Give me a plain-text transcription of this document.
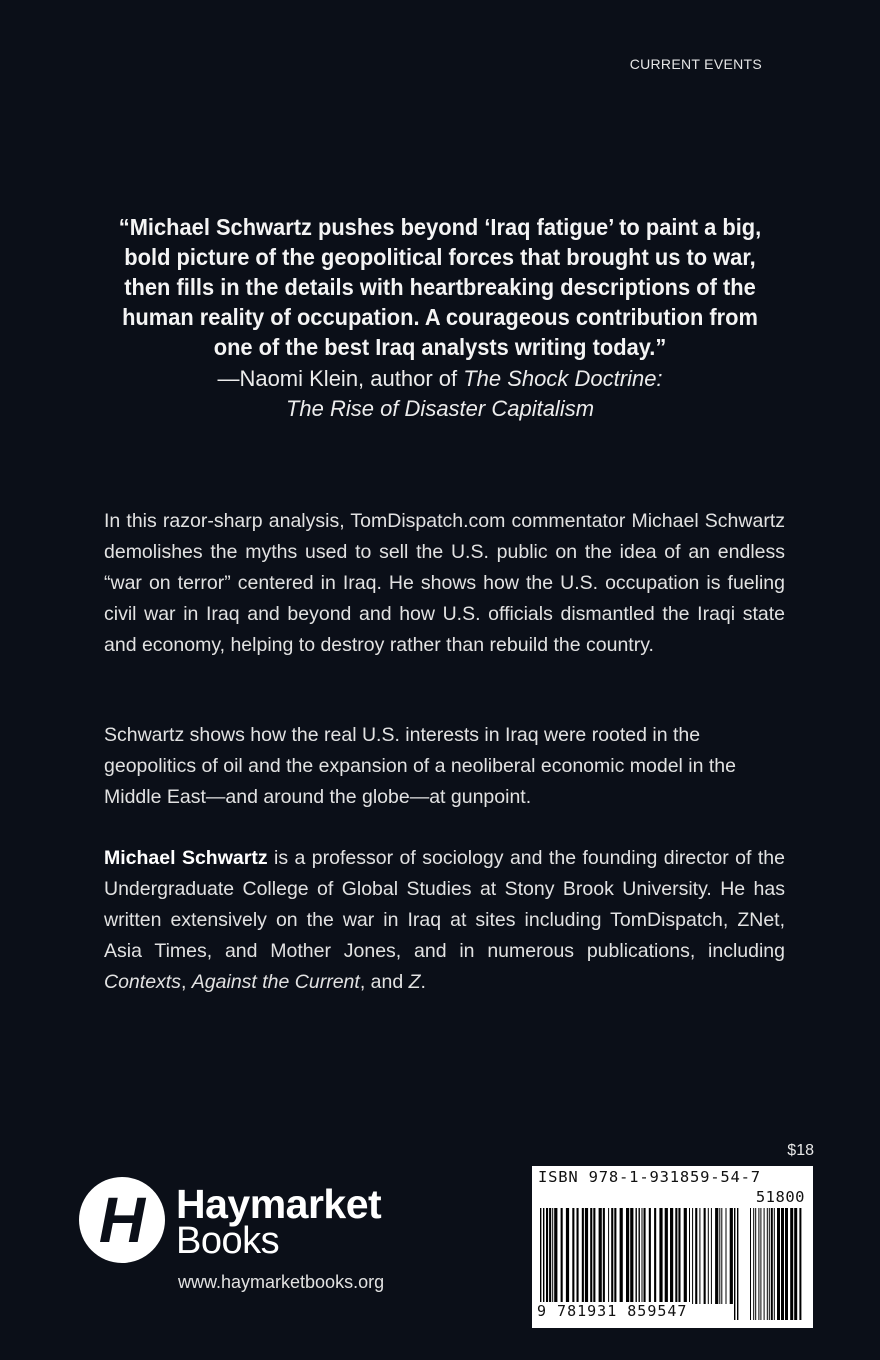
CURRENT EVENTS
“Michael Schwartz pushes beyond ‘Iraq fatigue’ to paint a big, bold picture of the geopolitical forces that brought us to war, then fills in the details with heartbreaking descriptions of the human reality of occupation. A courageous contribution from one of the best Iraq analysts writing today.”
—Naomi Klein, author of The Shock Doctrine:
The Rise of Disaster Capitalism
In this razor-sharp analysis, TomDispatch.com commentator Michael Schwartz demolishes the myths used to sell the U.S. public on the idea of an endless “war on terror” centered in Iraq. He shows how the U.S. occupation is fueling civil war in Iraq and beyond and how U.S. officials dismantled the Iraqi state and economy, helping to destroy rather than rebuild the country.
Schwartz shows how the real U.S. interests in Iraq were rooted in the geopolitics of oil and the expansion of a neoliberal economic model in the Middle East—and around the globe—at gunpoint.
Michael Schwartz is a professor of sociology and the founding director of the Undergraduate College of Global Studies at Stony Brook University. He has written extensively on the war in Iraq at sites including TomDispatch, ZNet, Asia Times, and Mother Jones, and in numerous publications, including Contexts, Against the Current, and Z.
H Haymarket
Books
www.haymarketbooks.org
$18
ISBN 978-1-931859-54-7
51800
9 781931 859547
